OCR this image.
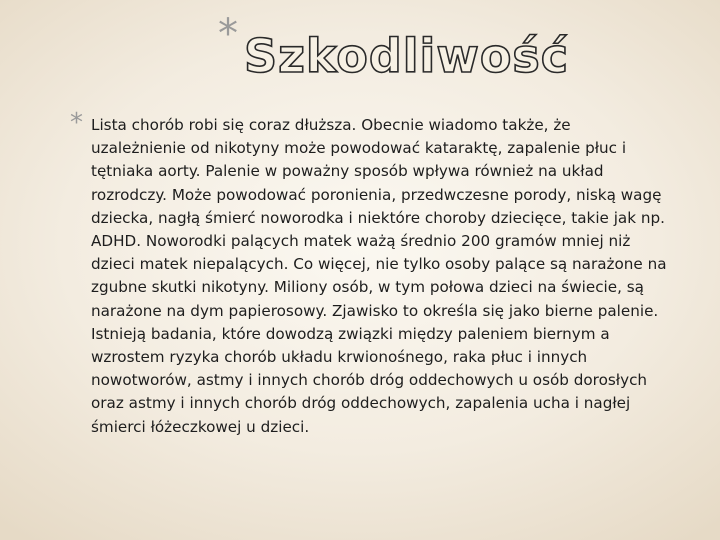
* Szkodliwość
* Lista chorób robi się coraz dłuższa. Obecnie wiadomo także, że uzależnienie od nikotyny może powodować kataraktę, zapalenie płuc i tętniaka aorty. Palenie w poważny sposób wpływa również na układ rozrodczy. Może powodować poronienia, przedwczesne porody, niską wagę dziecka, nagłą śmierć noworodka i niektóre choroby dziecięce, takie jak np. ADHD. Noworodki palących matek ważą średnio 200 gramów mniej niż dzieci matek niepalących. Co więcej, nie tylko osoby palące są narażone na zgubne skutki nikotyny. Miliony osób, w tym połowa dzieci na świecie, są narażone na dym papierosowy. Zjawisko to określa się jako bierne palenie. Istnieją badania, które dowodzą związki między paleniem biernym a wzrostem ryzyka chorób układu krwionośnego, raka płuc i innych nowotworów, astmy i innych chorób dróg oddechowych u osób dorosłych oraz astmy i innych chorób dróg oddechowych, zapalenia ucha i nagłej śmierci łóżeczkowej u dzieci.
